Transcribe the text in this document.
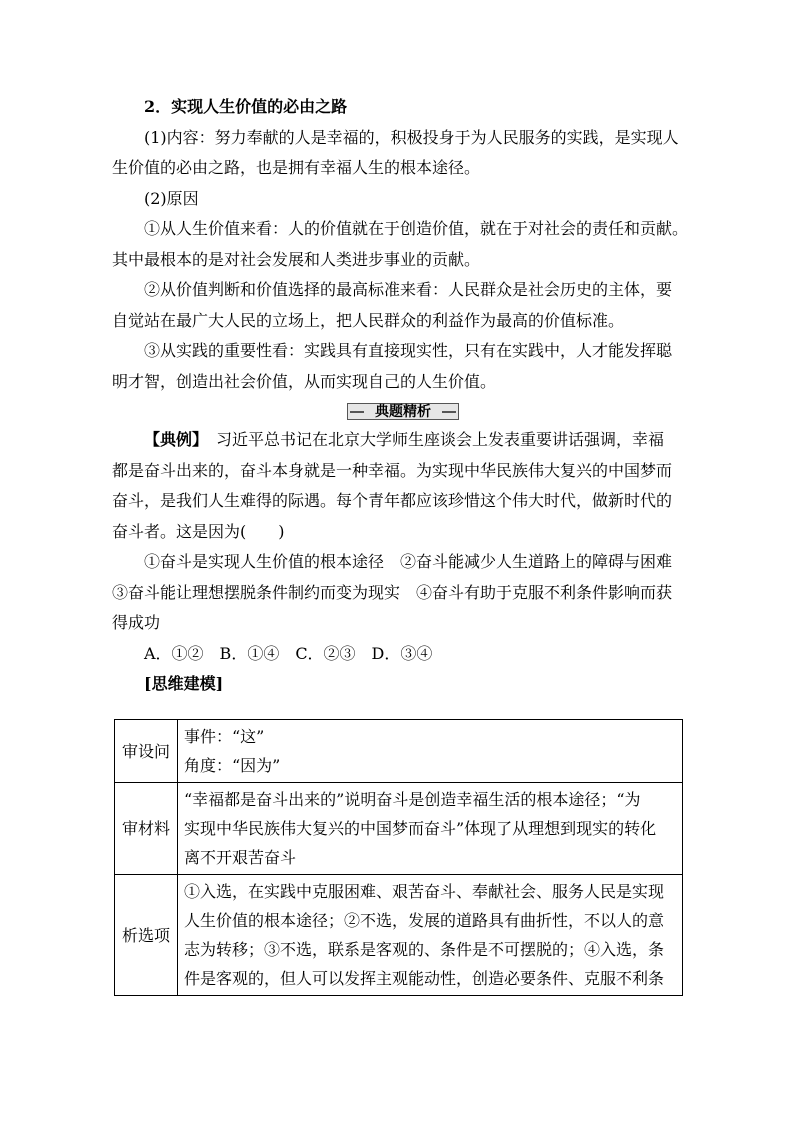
2．实现人生价值的必由之路
(1)内容：努力奉献的人是幸福的，积极投身于为人民服务的实践，是实现人
生价值的必由之路，也是拥有幸福人生的根本途径。
(2)原因
①从人生价值来看：人的价值就在于创造价值，就在于对社会的责任和贡献。
其中最根本的是对社会发展和人类进步事业的贡献。
②从价值判断和价值选择的最高标准来看：人民群众是社会历史的主体，要
自觉站在最广大人民的立场上，把人民群众的利益作为最高的价值标准。
③从实践的重要性看：实践具有直接现实性，只有在实践中，人才能发挥聪
明才智，创造出社会价值，从而实现自己的人生价值。
典题精析
【典例】　习近平总书记在北京大学师生座谈会上发表重要讲话强调，幸福
都是奋斗出来的，奋斗本身就是一种幸福。为实现中华民族伟大复兴的中国梦而
奋斗，是我们人生难得的际遇。每个青年都应该珍惜这个伟大时代，做新时代的
奋斗者。这是因为(　　)
①奋斗是实现人生价值的根本途径　②奋斗能减少人生道路上的障碍与困难
③奋斗能让理想摆脱条件制约而变为现实　④奋斗有助于克服不利条件影响而获
得成功
A．①②　B．①④　C．②③　D．③④
[思维建模]
审设问	事件：“这”
角度：“因为”

审材料	“幸福都是奋斗出来的”说明奋斗是创造幸福生活的根本途径；“为
实现中华民族伟大复兴的中国梦而奋斗”体现了从理想到现实的转化
离不开艰苦奋斗

析选项	①入选，在实践中克服困难、艰苦奋斗、奉献社会、服务人民是实现
人生价值的根本途径；②不选，发展的道路具有曲折性，不以人的意
志为转移；③不选，联系是客观的、条件是不可摆脱的；④入选，条
件是客观的，但人可以发挥主观能动性，创造必要条件、克服不利条
